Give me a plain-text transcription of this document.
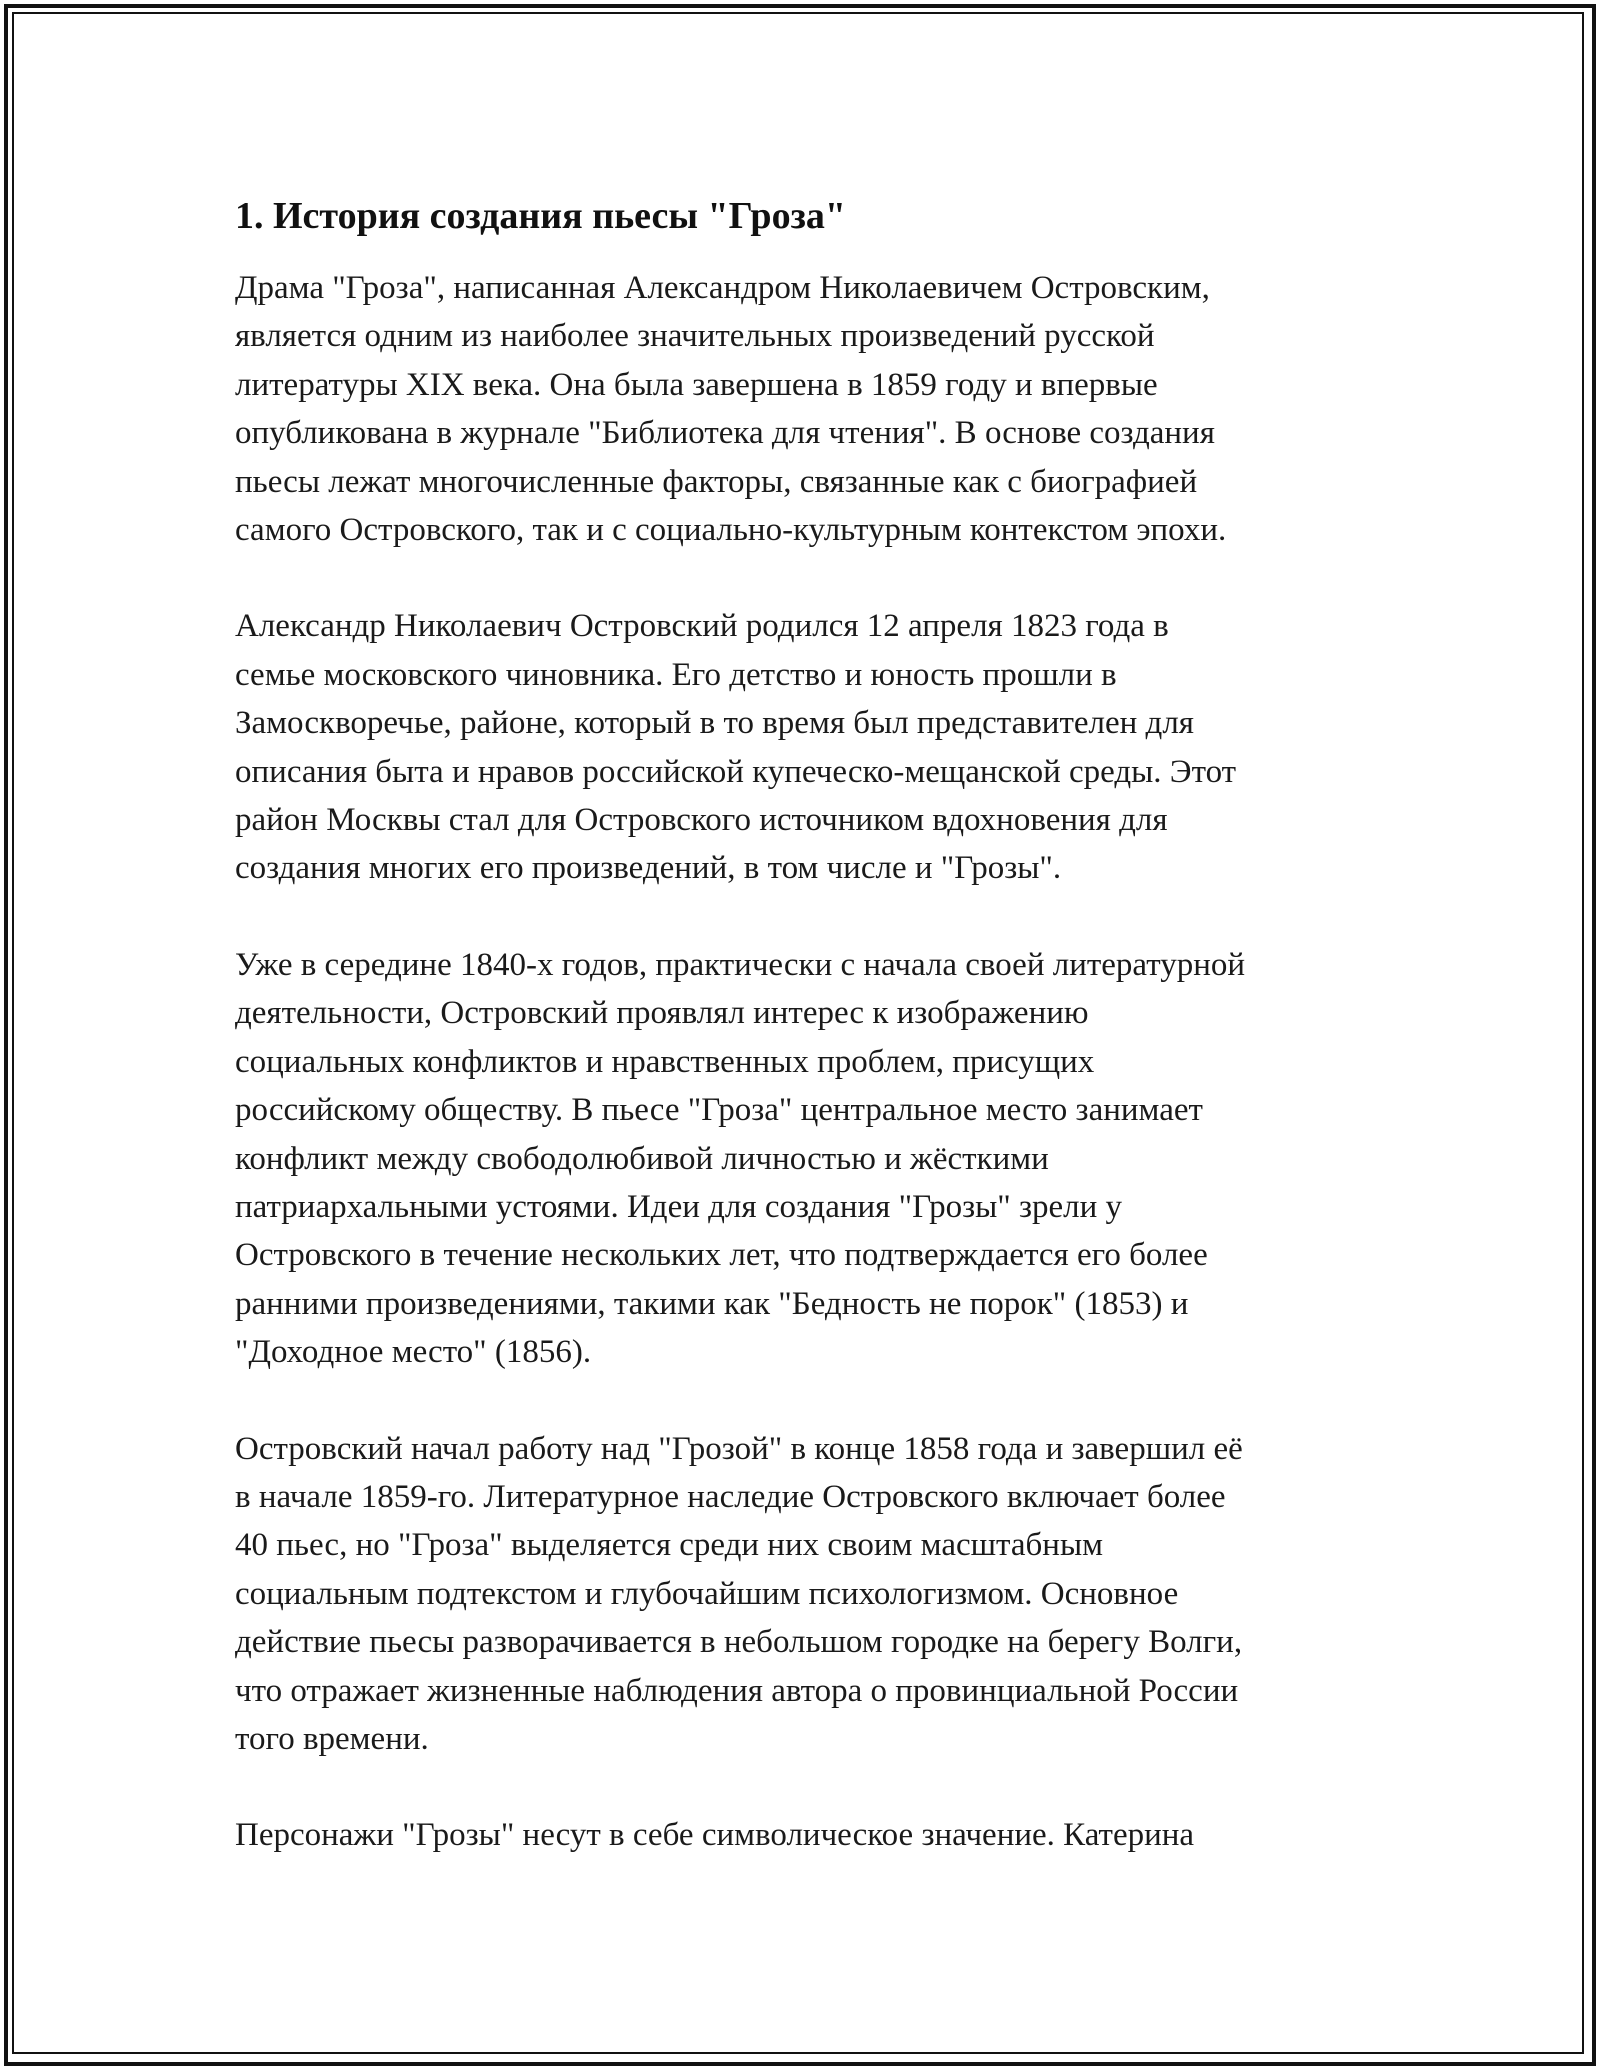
1. История создания пьесы "Гроза"

Драма "Гроза", написанная Александром Николаевичем Островским,
является одним из наиболее значительных произведений русской
литературы XIX века. Она была завершена в 1859 году и впервые
опубликована в журнале "Библиотека для чтения". В основе создания
пьесы лежат многочисленные факторы, связанные как с биографией
самого Островского, так и с социально-культурным контекстом эпохи.

Александр Николаевич Островский родился 12 апреля 1823 года в
семье московского чиновника. Его детство и юность прошли в
Замоскворечье, районе, который в то время был представителен для
описания быта и нравов российской купеческо-мещанской среды. Этот
район Москвы стал для Островского источником вдохновения для
создания многих его произведений, в том числе и "Грозы".

Уже в середине 1840-х годов, практически с начала своей литературной
деятельности, Островский проявлял интерес к изображению
социальных конфликтов и нравственных проблем, присущих
российскому обществу. В пьесе "Гроза" центральное место занимает
конфликт между свободолюбивой личностью и жёсткими
патриархальными устоями. Идеи для создания "Грозы" зрели у
Островского в течение нескольких лет, что подтверждается его более
ранними произведениями, такими как "Бедность не порок" (1853) и
"Доходное место" (1856).

Островский начал работу над "Грозой" в конце 1858 года и завершил её
в начале 1859-го. Литературное наследие Островского включает более
40 пьес, но "Гроза" выделяется среди них своим масштабным
социальным подтекстом и глубочайшим психологизмом. Основное
действие пьесы разворачивается в небольшом городке на берегу Волги,
что отражает жизненные наблюдения автора о провинциальной России
того времени.

Персонажи "Грозы" несут в себе символическое значение. Катерина
